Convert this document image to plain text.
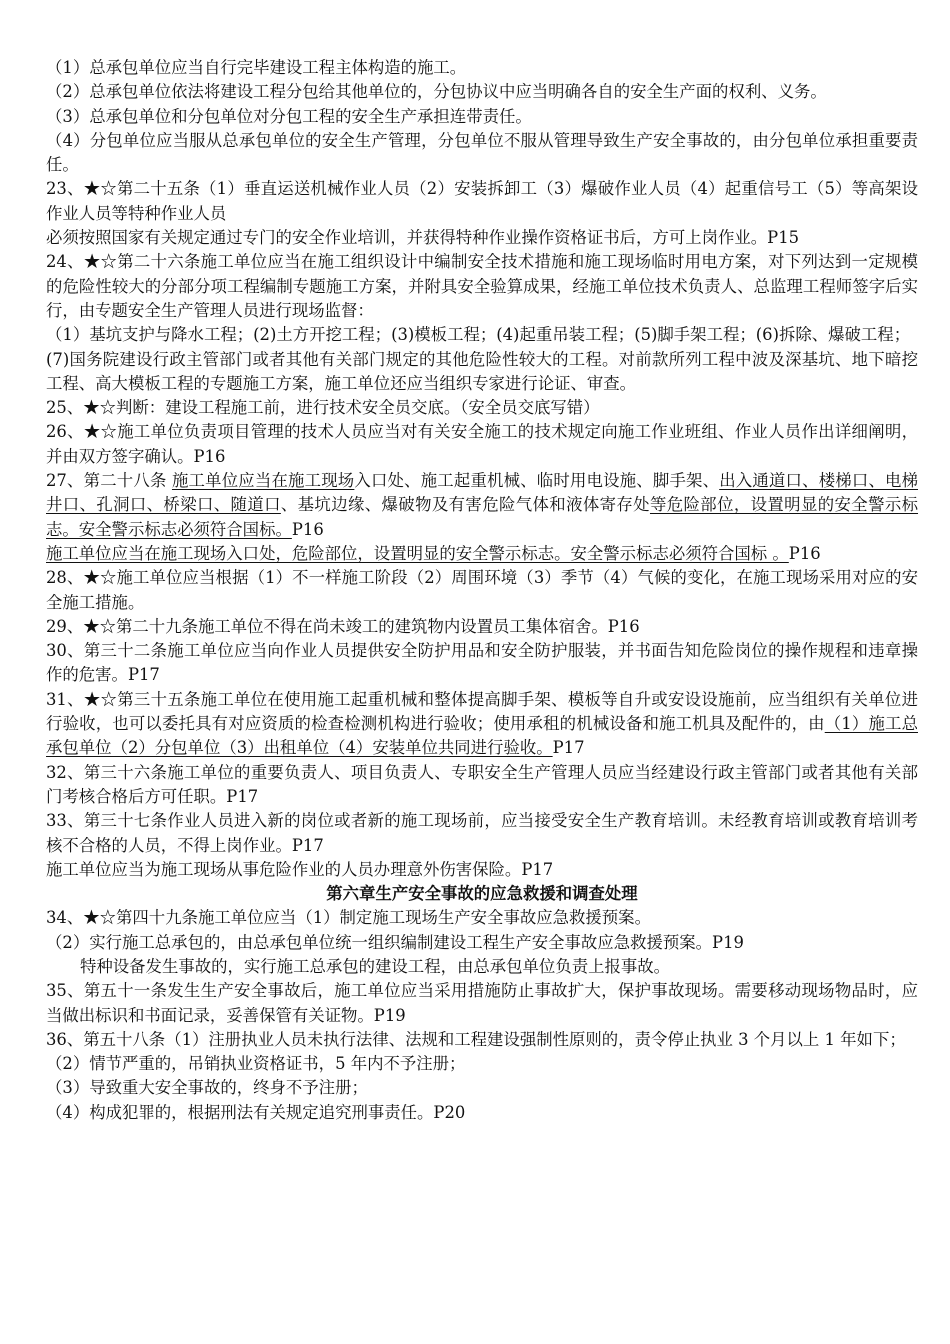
（1）总承包单位应当自行完毕建设工程主体构造的施工。

（2）总承包单位依法将建设工程分包给其他单位的，分包协议中应当明确各自的安全生产面的权利、义务。

（3）总承包单位和分包单位对分包工程的安全生产承担连带责任。

（4）分包单位应当服从总承包单位的安全生产管理，分包单位不服从管理导致生产安全事故的，由分包单位承担重要责任。

23、★☆第二十五条（1）垂直运送机械作业人员（2）安装拆卸工（3）爆破作业人员（4）起重信号工（5）等高架设作业人员等特种作业人员

必须按照国家有关规定通过专门的安全作业培训，并获得特种作业操作资格证书后，方可上岗作业。P15

24、★☆第二十六条施工单位应当在施工组织设计中编制安全技术措施和施工现场临时用电方案，对下列达到一定规模的危险性较大的分部分项工程编制专题施工方案，并附具安全验算成果，经施工单位技术负责人、总监理工程师签字后实行，由专题安全生产管理人员进行现场监督：

（1）基坑支护与降水工程；(2)土方开挖工程；(3)模板工程；(4)起重吊装工程；(5)脚手架工程；(6)拆除、爆破工程；

(7)国务院建设行政主管部门或者其他有关部门规定的其他危险性较大的工程。对前款所列工程中波及深基坑、地下暗挖工程、高大模板工程的专题施工方案，施工单位还应当组织专家进行论证、审查。

25、★☆判断：建设工程施工前，进行技术安全员交底。（安全员交底写错）

26、★☆施工单位负责项目管理的技术人员应当对有关安全施工的技术规定向施工作业班组、作业人员作出详细阐明，并由双方签字确认。P16

27、第二十八条 施工单位应当在施工现场入口处、施工起重机械、临时用电设施、脚手架、出入通道口、楼梯口、电梯井口、孔洞口、桥梁口、随道口、基坑边缘、爆破物及有害危险气体和液体寄存处等危险部位，设置明显的安全警示标志。安全警示标志必须符合国标。P16

施工单位应当在施工现场入口处，危险部位，设置明显的安全警示标志。安全警示标志必须符合国标 。P16

28、★☆施工单位应当根据（1）不一样施工阶段（2）周围环境（3）季节（4）气候的变化，在施工现场采用对应的安全施工措施。

29、★☆第二十九条施工单位不得在尚未竣工的建筑物内设置员工集体宿舍。P16

30、第三十二条施工单位应当向作业人员提供安全防护用品和安全防护服装，并书面告知危险岗位的操作规程和违章操作的危害。P17

31、★☆第三十五条施工单位在使用施工起重机械和整体提高脚手架、模板等自升或安设设施前，应当组织有关单位进行验收，也可以委托具有对应资质的检查检测机构进行验收；使用承租的机械设备和施工机具及配件的，由（1）施工总承包单位（2）分包单位（3）出租单位（4）安装单位共同进行验收。P17

32、第三十六条施工单位的重要负责人、项目负责人、专职安全生产管理人员应当经建设行政主管部门或者其他有关部门考核合格后方可任职。P17

33、第三十七条作业人员进入新的岗位或者新的施工现场前，应当接受安全生产教育培训。未经教育培训或教育培训考核不合格的人员，不得上岗作业。P17

施工单位应当为施工现场从事危险作业的人员办理意外伤害保险。P17

第六章生产安全事故的应急救援和调查处理

34、★☆第四十九条施工单位应当（1）制定施工现场生产安全事故应急救援预案。

（2）实行施工总承包的，由总承包单位统一组织编制建设工程生产安全事故应急救援预案。P19

特种设备发生事故的，实行施工总承包的建设工程，由总承包单位负责上报事故。

35、第五十一条发生生产安全事故后，施工单位应当采用措施防止事故扩大，保护事故现场。需要移动现场物品时，应当做出标识和书面记录，妥善保管有关证物。P19

36、第五十八条（1）注册执业人员未执行法律、法规和工程建设强制性原则的，责令停止执业 3 个月以上 1 年如下；

（2）情节严重的，吊销执业资格证书，5 年内不予注册；

（3）导致重大安全事故的，终身不予注册；

（4）构成犯罪的，根据刑法有关规定追究刑事责任。P20
